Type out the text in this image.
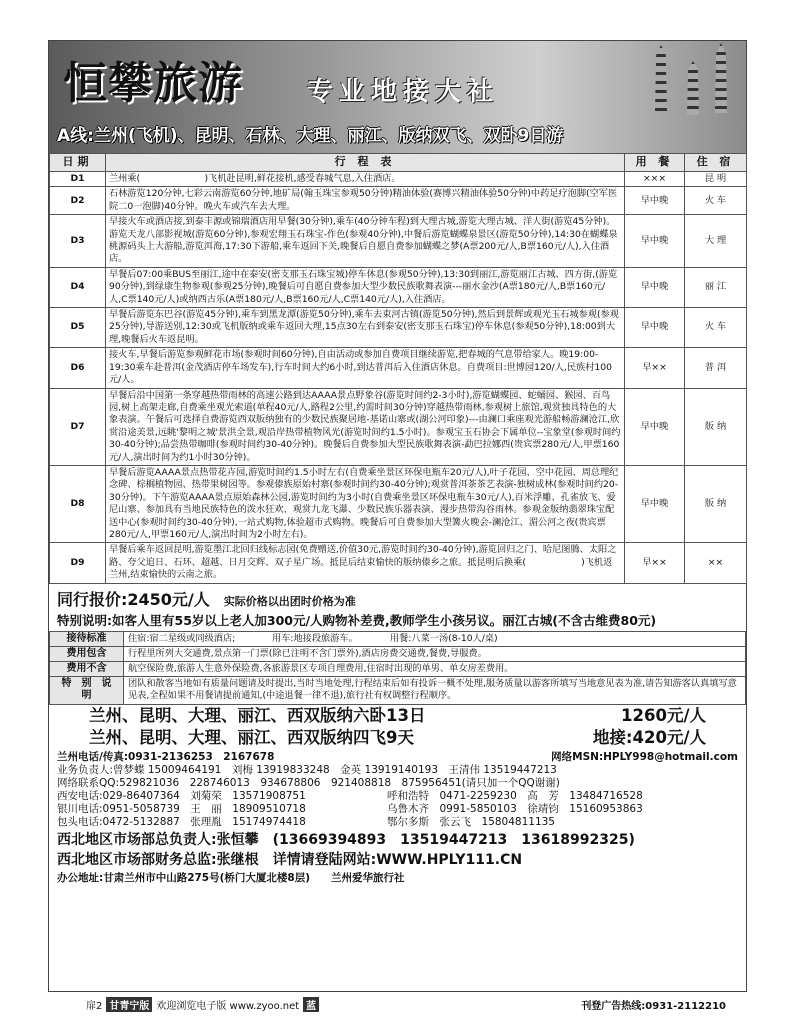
恒攀旅游 专业地接大社
A线:兰州(飞机)、昆明、石林、大理、丽江、版纳双飞、双卧9日游
日期	行 程 表	用 餐	住 宿
D1	兰州乘(　　　　　　　)飞机赴昆明,鲜花接机,感受春城气息,入住酒店。	×××	昆 明
D2	石林游览120分钟,七彩云南游览60分钟,地矿局(翰玉珠宝参观50分钟)精油体验(赛博兴精油体验50分钟)中药足疗泡脚(空军医院二0一泡脚)40分钟。晚火车或汽车去大理。	早中晚	火 车
D3	早接火车或酒店接,到泰丰源或锦瑞酒店用早餐(30分钟),乘车(40分钟车程)到大理古城,游览大理古城、洋人街(游览45分钟)。游览天龙八部影视城(游览60分钟),参观宏翔玉石珠宝-作色(参观40分钟),中餐后游览蝴蝶泉景区(游览50分钟),14:30在蝴蝶泉桃源码头上大游船,游览洱海,17:30下游船,乘车返回下关,晚餐后自愿自费参加蝴蝶之梦(A票200元/人,B票160元/人),入住酒店。	早中晚	大 理
D4	早餐后07:00乘BUS至丽江,途中在泰安(密支那玉石珠宝城)停车休息(参观50分钟),13:30到丽江,游览丽江古城、四方街,(游览90分钟),到绿康生物参观(参观25分钟),晚餐后可自愿自费参加大型少数民族歌舞表演---丽水金沙(A票180元/人,B票160元/人,C票140元/人)或纳西古乐(A票180元/人,B票160元/人,C票140元/人),入住酒店。	早中晚	丽 江
D5	早餐后游览东巴谷(游览45分钟),乘车到黑龙潭(游览50分钟),乘车去束河古镇(游览50分钟),然后到景辉或观光玉石城参观(参观25分钟),导游送别,12:30或飞机版纳或乘车返回大理,15点30左右到泰安(密支那玉石珠宝)停车休息(参观50分钟),18:00到大理,晚餐后火车返昆明。	早中晚	火 车
D6	接火车,早餐后游览参观鲜花市场(参观时间60分钟),自由活动或参加自费项目继续游览,把春城的气息带给家人。晚19:00-19:30乘车赴普洱(金茂酒店停车场发车),行车时间大约6小时,到达普洱后入住酒店休息。自费项目:世博园120/人,民族村100元/人。	早××	普 洱
D7	早餐后沿中国第一条穿越热带雨林的高速公路到达AAAA景点野象谷(游览时间约2-3小时),游览蝴蝶园、蛇蛹园、猴园、百鸟园,树上高架走廊,自费乘坐观光索道(单程40元/人,路程2公里,约需时间30分钟)穿越热带雨林,参观树上旅馆,观赏独具特色的大象表演。午餐后可选择自费游览西双版纳独有的少数民族聚居地-基诺山寨或(湖公河印象)---由澜口乘座观光游船畅游澜沧江,欣赏沿途美景,远眺'黎明之城'景洪全景,观沿岸热带植物风光(游览时间约1.5小时)。参观宝玉石协会下属单位--宝象堂(参观时间约30-40分钟);品尝热带咖啡(参观时间约30-40分钟)。晚餐后自费参加大型民族歌舞表演-勐巴拉娜西(贵宾票280元/人,甲票160元/人,演出时间为约1小时30分钟)。	早中晚	版 纳
D8	早餐后游览AAAA景点热带花卉园,游览时间约1.5小时左右(自费乘坐景区环保电瓶车20元/人),叶子花园、空中花园、周总理纪念碑、棕榈植物园、热带果树园等。参观傣族原始村寨(参观时间约30-40分钟);观赏普洱茶茶艺表演-独树成林(参观时间约20-30分钟)。下午游览AAAA景点原始森林公园,游览时间约为3小时(自费乘坐景区环保电瓶车30元/人),百米浮雕、孔雀放飞、爱尼山寨、参加具有当地民族特色的泼水狂欢、观赏九龙飞瀑、少数民族乐器表演、漫步热带沟谷雨林。参观金版纳翡翠珠宝配送中心(参观时间约30-40分钟),一站式购物,体验超市式购物。晚餐后可自费参加大型篝火晚会-澜沧江、湄公河之夜(贵宾票280元/人,甲票160元/人,演出时间为2小时左右)。	早中晚	版 纳
D9	早餐后乘车返回昆明,游览墨江北回归线标志园(免费赠送,价值30元,游览时间约30-40分钟),游览回归之门、哈尼图腾、太阳之路、夸父追日、石环、超越、日月交辉、双子星广场。抵昆后结束愉快的版纳傣乡之旅。抵昆明后换乘(　　　　　　)飞机返兰州,结束愉快的云南之旅。	早××	××
同行报价:2450元/人 实际价格以出团时价格为准
特别说明:如客人里有55岁以上老人加300元/人购物补差费,教师学生小孩另议。丽江古城(不含古维费80元)
接待标准	住宿:宿二星级或同级酒店;　　　　用车:地接段旅游车。　　　　用餐:八菜一汤(8-10人/桌)
费用包含	行程里所列大交通费,景点第一门票(除已注明不含门票外),酒店房费交通费,餐费,导服费。
费用不含	航空保险费,旅游人生意外保险费,各旅游景区专项自理费用,住宿时出现的单男、单女房差费用。
特　别　说　明	团队和散客当地如有质量问题请及时提出,当时当地处理,行程结束后如有投诉一概不处理,服务质量以游客所填写当地意见表为准,请告知游客认真填写意见表,全程如果不用餐请提前通知,(中途退餐一律不退),旅行社有权调整行程顺序。
兰州、昆明、大理、丽江、西双版纳六卧13日	1260元/人
兰州、昆明、大理、丽江、西双版纳四飞9天	地接:420元/人
兰州电话/传真:0931-2136253　2167678	网络MSN:HPLY998@hotmail.com
业务负责人:曾梦蝶 15009464191　刘梅 13919833248　金英 13919140193　王清伟 13519447213
网络联系QQ:529821036　228746013　934678806　921408818　875956451(请只加一个QQ谢谢)
西安电话:029-86407364　刘菊荣　13571908751	呼和浩特　0471-2259230　高　芳　13484716528
银川电话:0951-5058739　王　丽　18909510718	乌鲁木齐　0991-5850103　徐靖钧　15160953863
包头电话:0472-5132887　张理胤　15174974418	鄂尔多斯　张云飞　15804811135
西北地区市场部总负责人:张恒攀　(13669394893　13519447213　13618992325)
西北地区市场部财务总监:张继根　详情请登陆网站:WWW.HPLY111.CN
办公地址:甘肃兰州市中山路275号(桥门大厦北楼8层)　　兰州爱华旅行社
扉2 甘青宁版 欢迎浏览电子版 www.zyoo.net 蓝	刊登广告热线:0931-2112210
